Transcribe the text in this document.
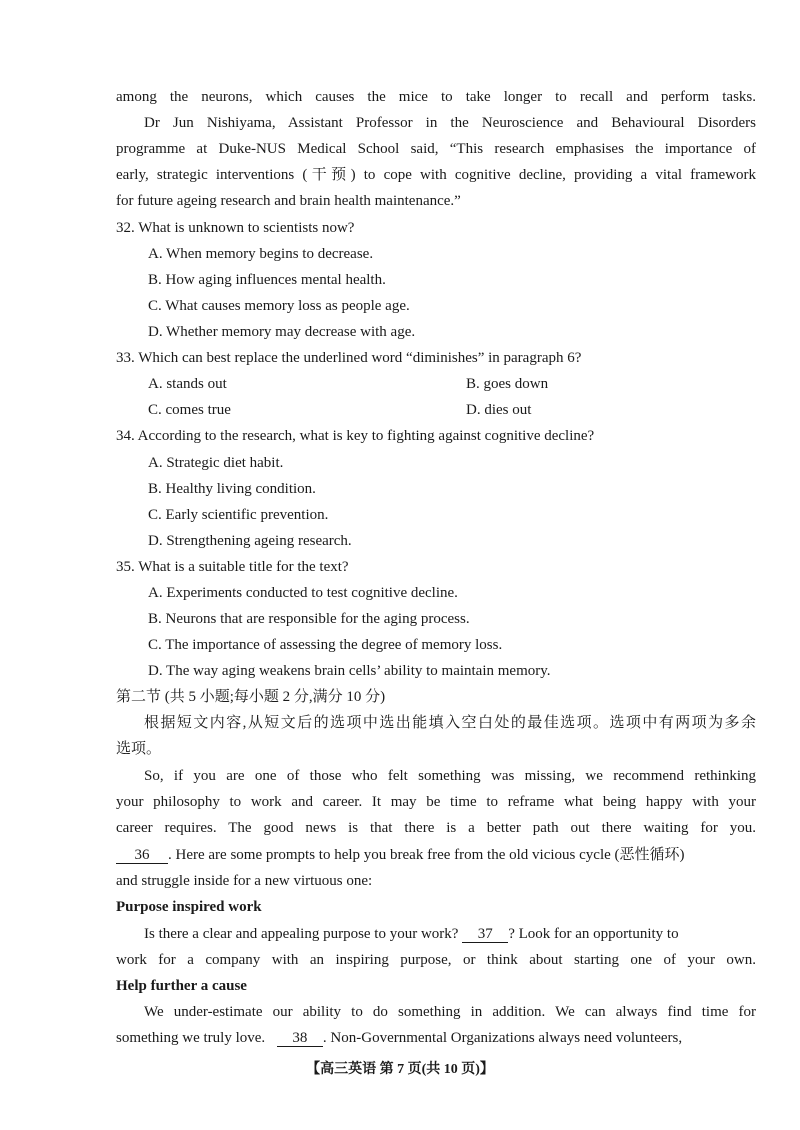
among the neurons, which causes the mice to take longer to recall and perform tasks.
Dr Jun Nishiyama, Assistant Professor in the Neuroscience and Behavioural Disorders
programme at Duke-NUS Medical School said, “This research emphasises the importance of
early, strategic interventions (干预) to cope with cognitive decline, providing a vital framework
for future ageing research and brain health maintenance.”
32. What is unknown to scientists now?
A. When memory begins to decrease.
B. How aging influences mental health.
C. What causes memory loss as people age.
D. Whether memory may decrease with age.
33. Which can best replace the underlined word “diminishes” in paragraph 6?
A. stands out	B. goes down
C. comes true	D. dies out
34. According to the research, what is key to fighting against cognitive decline?
A. Strategic diet habit.
B. Healthy living condition.
C. Early scientific prevention.
D. Strengthening ageing research.
35. What is a suitable title for the text?
A. Experiments conducted to test cognitive decline.
B. Neurons that are responsible for the aging process.
C. The importance of assessing the degree of memory loss.
D. The way aging weakens brain cells’ ability to maintain memory.
第二节 (共 5 小题;每小题 2 分,满分 10 分)
根据短文内容,从短文后的选项中选出能填入空白处的最佳选项。选项中有两项为多余
选项。
So, if you are one of those who felt something was missing, we recommend rethinking
your philosophy to work and career. It may be time to reframe what being happy with your
career requires. The good news is that there is a better path out there waiting for you.
36 . Here are some prompts to help you break free from the old vicious cycle (恶性循环)
and struggle inside for a new virtuous one:
Purpose inspired work
Is there a clear and appealing purpose to your work? 37 ? Look for an opportunity to
work for a company with an inspiring purpose, or think about starting one of your own.
Help further a cause
We under-estimate our ability to do something in addition. We can always find time for
something we truly love. 38 . Non-Governmental Organizations always need volunteers,
【高三英语 第 7 页(共 10 页)】
